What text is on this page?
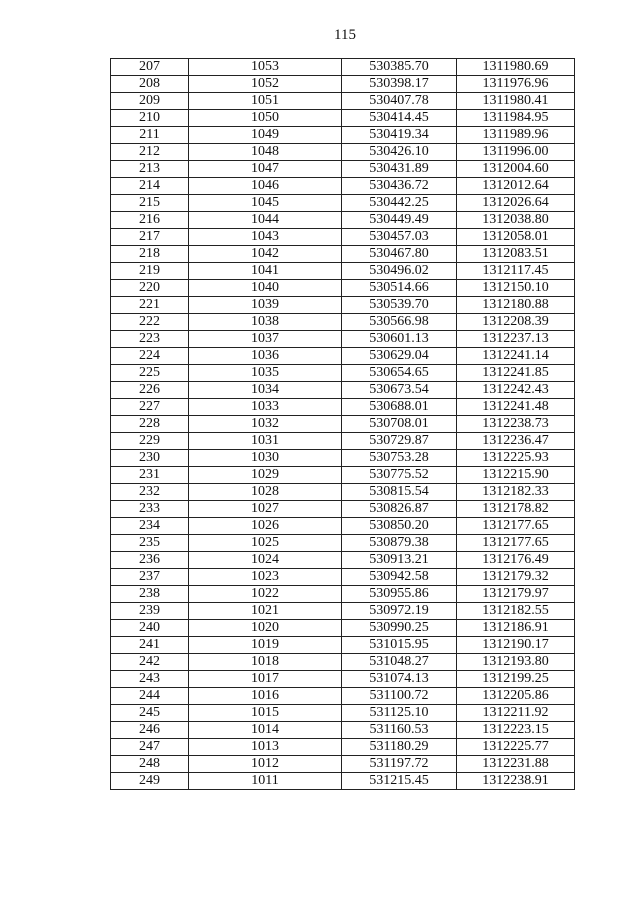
115
207	1053	530385.70	1311980.69
208	1052	530398.17	1311976.96
209	1051	530407.78	1311980.41
210	1050	530414.45	1311984.95
211	1049	530419.34	1311989.96
212	1048	530426.10	1311996.00
213	1047	530431.89	1312004.60
214	1046	530436.72	1312012.64
215	1045	530442.25	1312026.64
216	1044	530449.49	1312038.80
217	1043	530457.03	1312058.01
218	1042	530467.80	1312083.51
219	1041	530496.02	1312117.45
220	1040	530514.66	1312150.10
221	1039	530539.70	1312180.88
222	1038	530566.98	1312208.39
223	1037	530601.13	1312237.13
224	1036	530629.04	1312241.14
225	1035	530654.65	1312241.85
226	1034	530673.54	1312242.43
227	1033	530688.01	1312241.48
228	1032	530708.01	1312238.73
229	1031	530729.87	1312236.47
230	1030	530753.28	1312225.93
231	1029	530775.52	1312215.90
232	1028	530815.54	1312182.33
233	1027	530826.87	1312178.82
234	1026	530850.20	1312177.65
235	1025	530879.38	1312177.65
236	1024	530913.21	1312176.49
237	1023	530942.58	1312179.32
238	1022	530955.86	1312179.97
239	1021	530972.19	1312182.55
240	1020	530990.25	1312186.91
241	1019	531015.95	1312190.17
242	1018	531048.27	1312193.80
243	1017	531074.13	1312199.25
244	1016	531100.72	1312205.86
245	1015	531125.10	1312211.92
246	1014	531160.53	1312223.15
247	1013	531180.29	1312225.77
248	1012	531197.72	1312231.88
249	1011	531215.45	1312238.91
